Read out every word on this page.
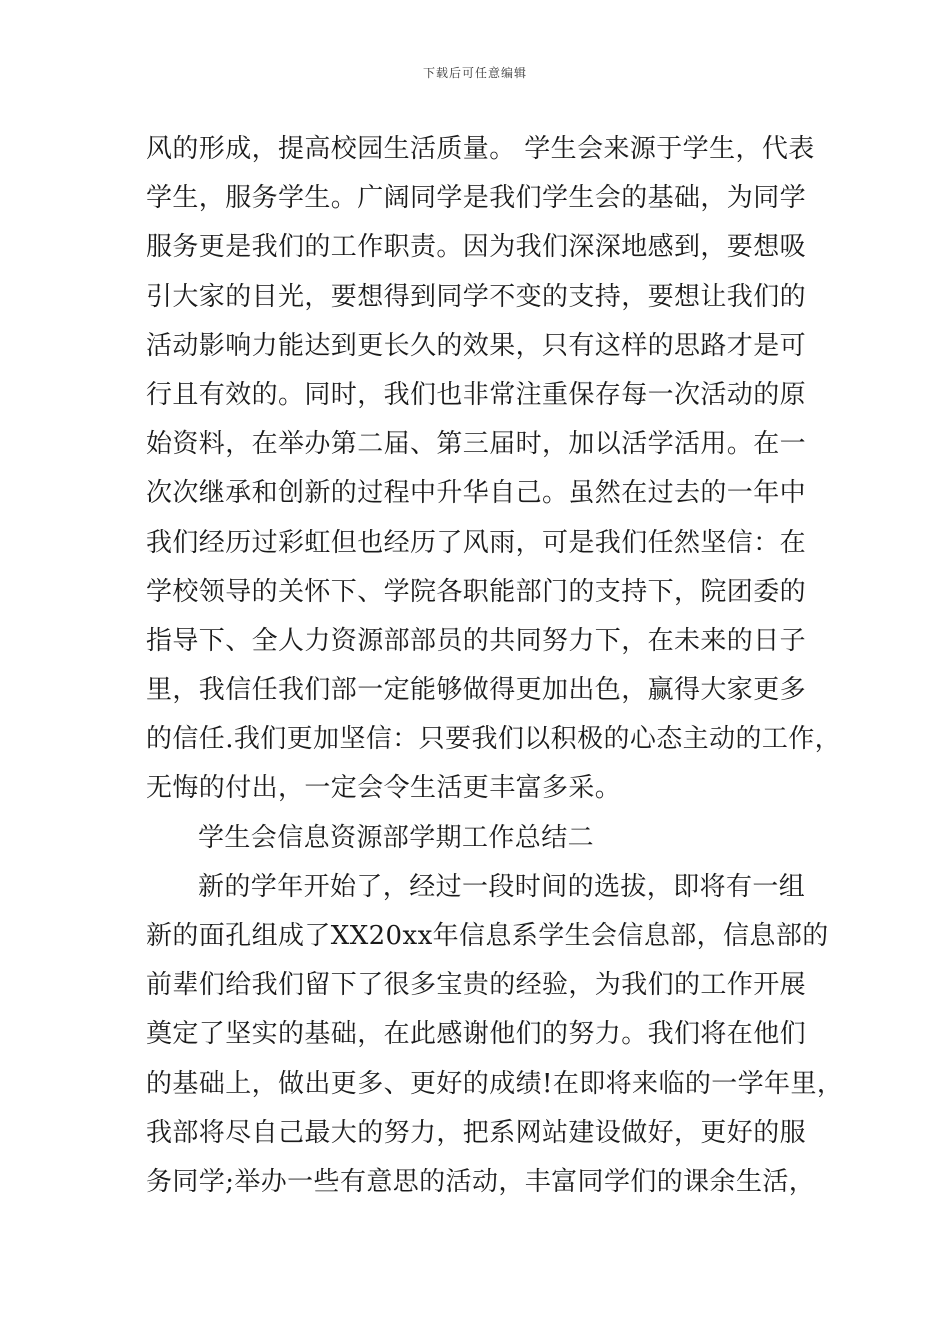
下载后可任意编辑
风的形成，提高校园生活质量。 学生会来源于学生，代表
学生，服务学生。广阔同学是我们学生会的基础，为同学
服务更是我们的工作职责。因为我们深深地感到，要想吸
引大家的目光，要想得到同学不变的支持，要想让我们的
活动影响力能达到更长久的效果，只有这样的思路才是可
行且有效的。同时，我们也非常注重保存每一次活动的原
始资料，在举办第二届、第三届时，加以活学活用。在一
次次继承和创新的过程中升华自己。虽然在过去的一年中
我们经历过彩虹但也经历了风雨，可是我们任然坚信：在
学校领导的关怀下、学院各职能部门的支持下，院团委的
指导下、全人力资源部部员的共同努力下，在未来的日子
里，我信任我们部一定能够做得更加出色，赢得大家更多
的信任.我们更加坚信：只要我们以积极的心态主动的工作，
无悔的付出，一定会令生活更丰富多采。
学生会信息资源部学期工作总结二
新的学年开始了，经过一段时间的选拔，即将有一组
新的面孔组成了XX20xx年信息系学生会信息部，信息部的
前辈们给我们留下了很多宝贵的经验，为我们的工作开展
奠定了坚实的基础，在此感谢他们的努力。我们将在他们
的基础上，做出更多、更好的成绩!在即将来临的一学年里，
我部将尽自己最大的努力，把系网站建设做好，更好的服
务同学;举办一些有意思的活动，丰富同学们的课余生活，
